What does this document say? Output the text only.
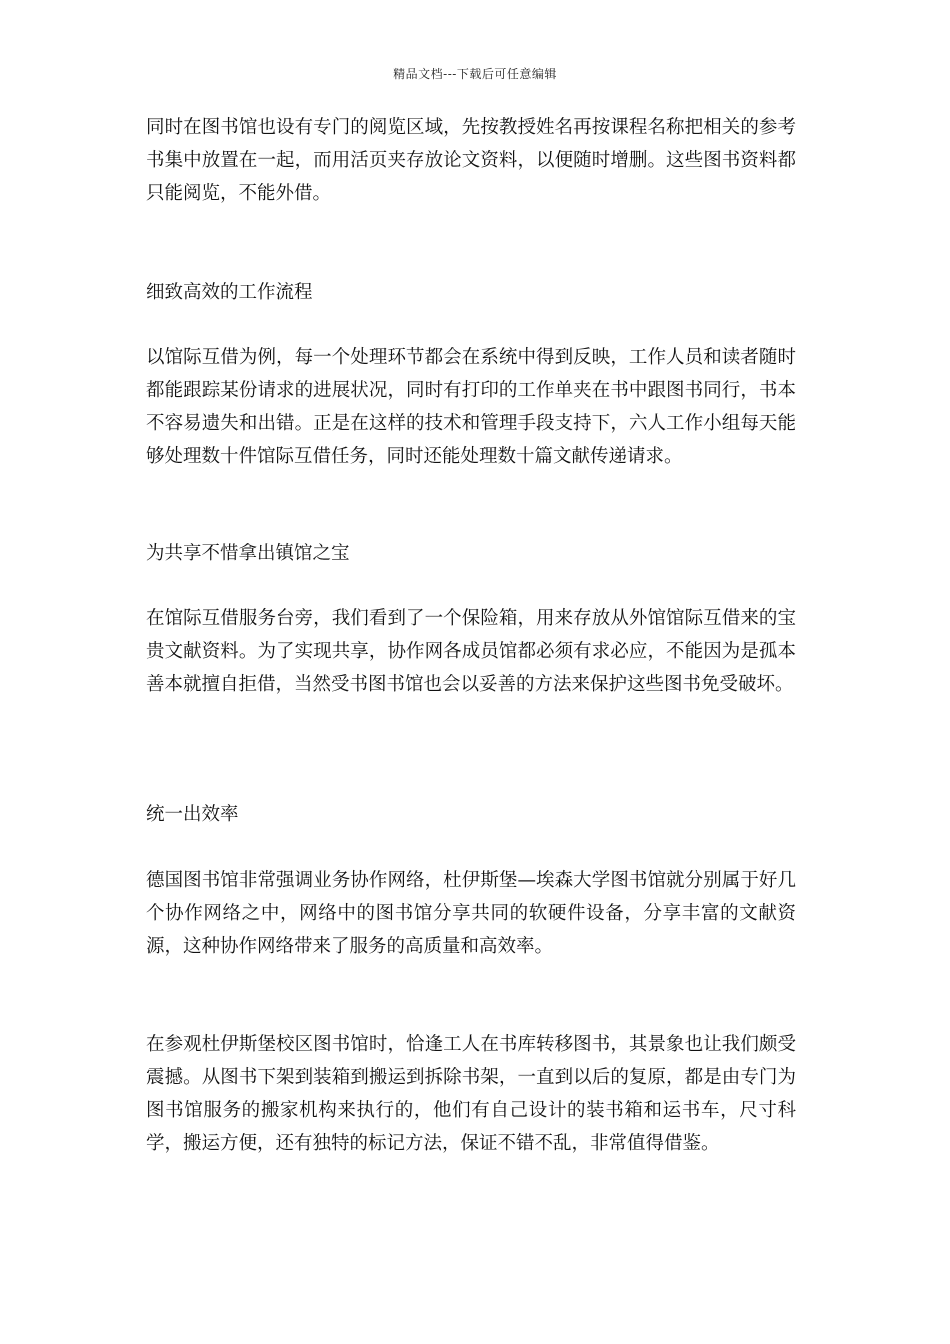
精品文档---下载后可任意编辑

同时在图书馆也设有专门的阅览区域，先按教授姓名再按课程名称把相关的参考书集中放置在一起，而用活页夹存放论文资料，以便随时增删。这些图书资料都只能阅览，不能外借。

细致高效的工作流程

以馆际互借为例，每一个处理环节都会在系统中得到反映，工作人员和读者随时都能跟踪某份请求的进展状况，同时有打印的工作单夹在书中跟图书同行，书本不容易遗失和出错。正是在这样的技术和管理手段支持下，六人工作小组每天能够处理数十件馆际互借任务，同时还能处理数十篇文献传递请求。

为共享不惜拿出镇馆之宝

在馆际互借服务台旁，我们看到了一个保险箱，用来存放从外馆馆际互借来的宝贵文献资料。为了实现共享，协作网各成员馆都必须有求必应，不能因为是孤本善本就擅自拒借，当然受书图书馆也会以妥善的方法来保护这些图书免受破坏。

统一出效率

德国图书馆非常强调业务协作网络，杜伊斯堡—埃森大学图书馆就分别属于好几个协作网络之中，网络中的图书馆分享共同的软硬件设备，分享丰富的文献资源，这种协作网络带来了服务的高质量和高效率。

在参观杜伊斯堡校区图书馆时，恰逢工人在书库转移图书，其景象也让我们颇受震撼。从图书下架到装箱到搬运到拆除书架，一直到以后的复原，都是由专门为图书馆服务的搬家机构来执行的，他们有自己设计的装书箱和运书车，尺寸科学，搬运方便，还有独特的标记方法，保证不错不乱，非常值得借鉴。
